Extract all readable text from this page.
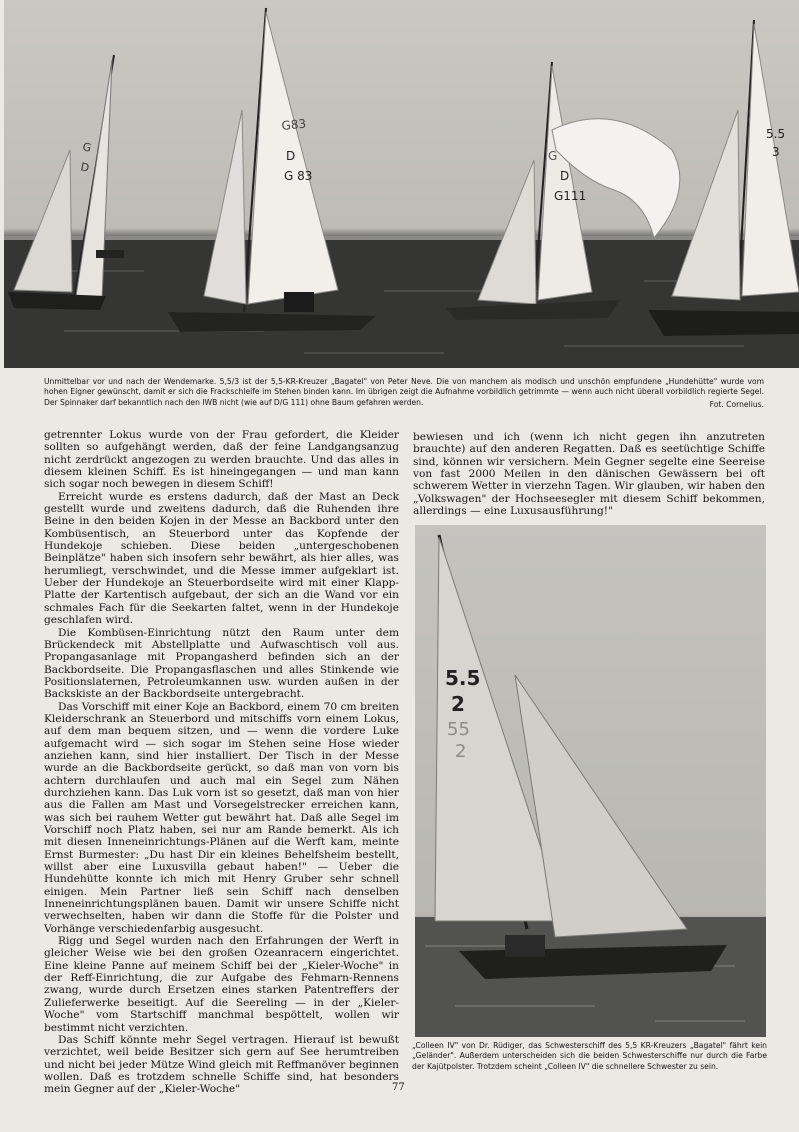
G
D
G83
D
G 83
G
D
G111
5.5
3

Unmittelbar vor und nach der Wendemarke. 5,5/3 ist der 5,5-KR-Kreuzer „Bagatel" von Peter Neve. Die von manchem als modisch und unschön empfundene „Hundehütte" wurde vom hohen Eigner gewünscht, damit er sich die Frackschleife im Stehen binden kann. Im übrigen zeigt die Aufnahme vorbildlich getrimmte — wenn auch nicht überall vorbildlich regierte Segel. Der Spinnaker darf bekanntlich nach den IWB nicht (wie auf D/G 111) ohne Baum gefahren werden.	Fot. Cornelius.

getrennter Lokus wurde von der Frau gefordert, die Kleider sollten so aufgehängt werden, daß der feine Landgangsanzug nicht zerdrückt angezogen zu werden brauchte. Und das alles in diesem kleinen Schiff. Es ist hineingegangen — und man kann sich sogar noch bewegen in diesem Schiff!

Erreicht wurde es erstens dadurch, daß der Mast an Deck gestellt wurde und zweitens dadurch, daß die Ruhenden ihre Beine in den beiden Kojen in der Messe an Backbord unter den Kombüsentisch, an Steuerbord unter das Kopfende der Hundekoje schieben. Diese beiden „untergeschobenen Beinplätze" haben sich insofern sehr bewährt, als hier alles, was herumliegt, verschwindet, und die Messe immer aufgeklart ist. Ueber der Hundekoje an Steuerbordseite wird mit einer Klapp-Platte der Kartentisch aufgebaut, der sich an die Wand vor ein schmales Fach für die Seekarten faltet, wenn in der Hundekoje geschlafen wird.

Die Kombüsen-Einrichtung nützt den Raum unter dem Brückendeck mit Abstellplatte und Aufwaschtisch voll aus. Propangasanlage mit Propangasherd befinden sich an der Backbordseite. Die Propangasflaschen und alles Stinkende wie Positionslaternen, Petroleumkannen usw. wurden außen in der Backskiste an der Backbordseite untergebracht.

Das Vorschiff mit einer Koje an Backbord, einem 70 cm breiten Kleiderschrank an Steuerbord und mitschiffs vorn einem Lokus, auf dem man bequem sitzen, und — wenn die vordere Luke aufgemacht wird — sich sogar im Stehen seine Hose wieder anziehen kann, sind hier installiert. Der Tisch in der Messe wurde an die Backbordseite gerückt, so daß man von vorn bis achtern durchlaufen und auch mal ein Segel zum Nähen durchziehen kann. Das Luk vorn ist so gesetzt, daß man von hier aus die Fallen am Mast und Vorsegelstrecker erreichen kann, was sich bei rauhem Wetter gut bewährt hat. Daß alle Segel im Vorschiff noch Platz haben, sei nur am Rande bemerkt. Als ich mit diesen Inneneinrichtungs-Plänen auf die Werft kam, meinte Ernst Burmester: „Du hast Dir ein kleines Behelfsheim bestellt, willst aber eine Luxusvilla gebaut haben!" — Ueber die Hundehütte konnte ich mich mit Henry Gruber sehr schnell einigen. Mein Partner ließ sein Schiff nach denselben Inneneinrichtungsplänen bauen. Damit wir unsere Schiffe nicht verwechselten, haben wir dann die Stoffe für die Polster und Vorhänge verschiedenfarbig ausgesucht.

Rigg und Segel wurden nach den Erfahrungen der Werft in gleicher Weise wie bei den großen Ozeanracern eingerichtet. Eine kleine Panne auf meinem Schiff bei der „Kieler-Woche" in der Reff-Einrichtung, die zur Aufgabe des Fehmarn-Rennens zwang, wurde durch Ersetzen eines starken Patentreffers der Zulieferwerke beseitigt. Auf die Seereling — in der „Kieler-Woche" vom Startschiff manchmal bespöttelt, wollen wir bestimmt nicht verzichten.

Das Schiff könnte mehr Segel vertragen. Hierauf ist bewußt verzichtet, weil beide Besitzer sich gern auf See herumtreiben und nicht bei jeder Mütze Wind gleich mit Reffmanöver beginnen wollen. Daß es trotzdem schnelle Schiffe sind, hat besonders mein Gegner auf der „Kieler-Woche"

bewiesen und ich (wenn ich nicht gegen ihn anzutreten brauchte) auf den anderen Regatten. Daß es seetüchtige Schiffe sind, können wir versichern. Mein Gegner segelte eine Seereise von fast 2000 Meilen in den dänischen Gewässern bei oft schwerem Wetter in vierzehn Tagen. Wir glauben, wir haben den „Volkswagen" der Hochseesegler mit diesem Schiff bekommen, allerdings — eine Luxusausführung!"

5.5
2
55
2

„Colleen IV" von Dr. Rüdiger, das Schwesterschiff des 5,5 KR-Kreuzers „Bagatel" fährt kein „Geländer". Außerdem unterscheiden sich die beiden Schwesterschiffe nur durch die Farbe der Kajütpolster. Trotzdem scheint „Colleen IV" die schnellere Schwester zu sein.

77
